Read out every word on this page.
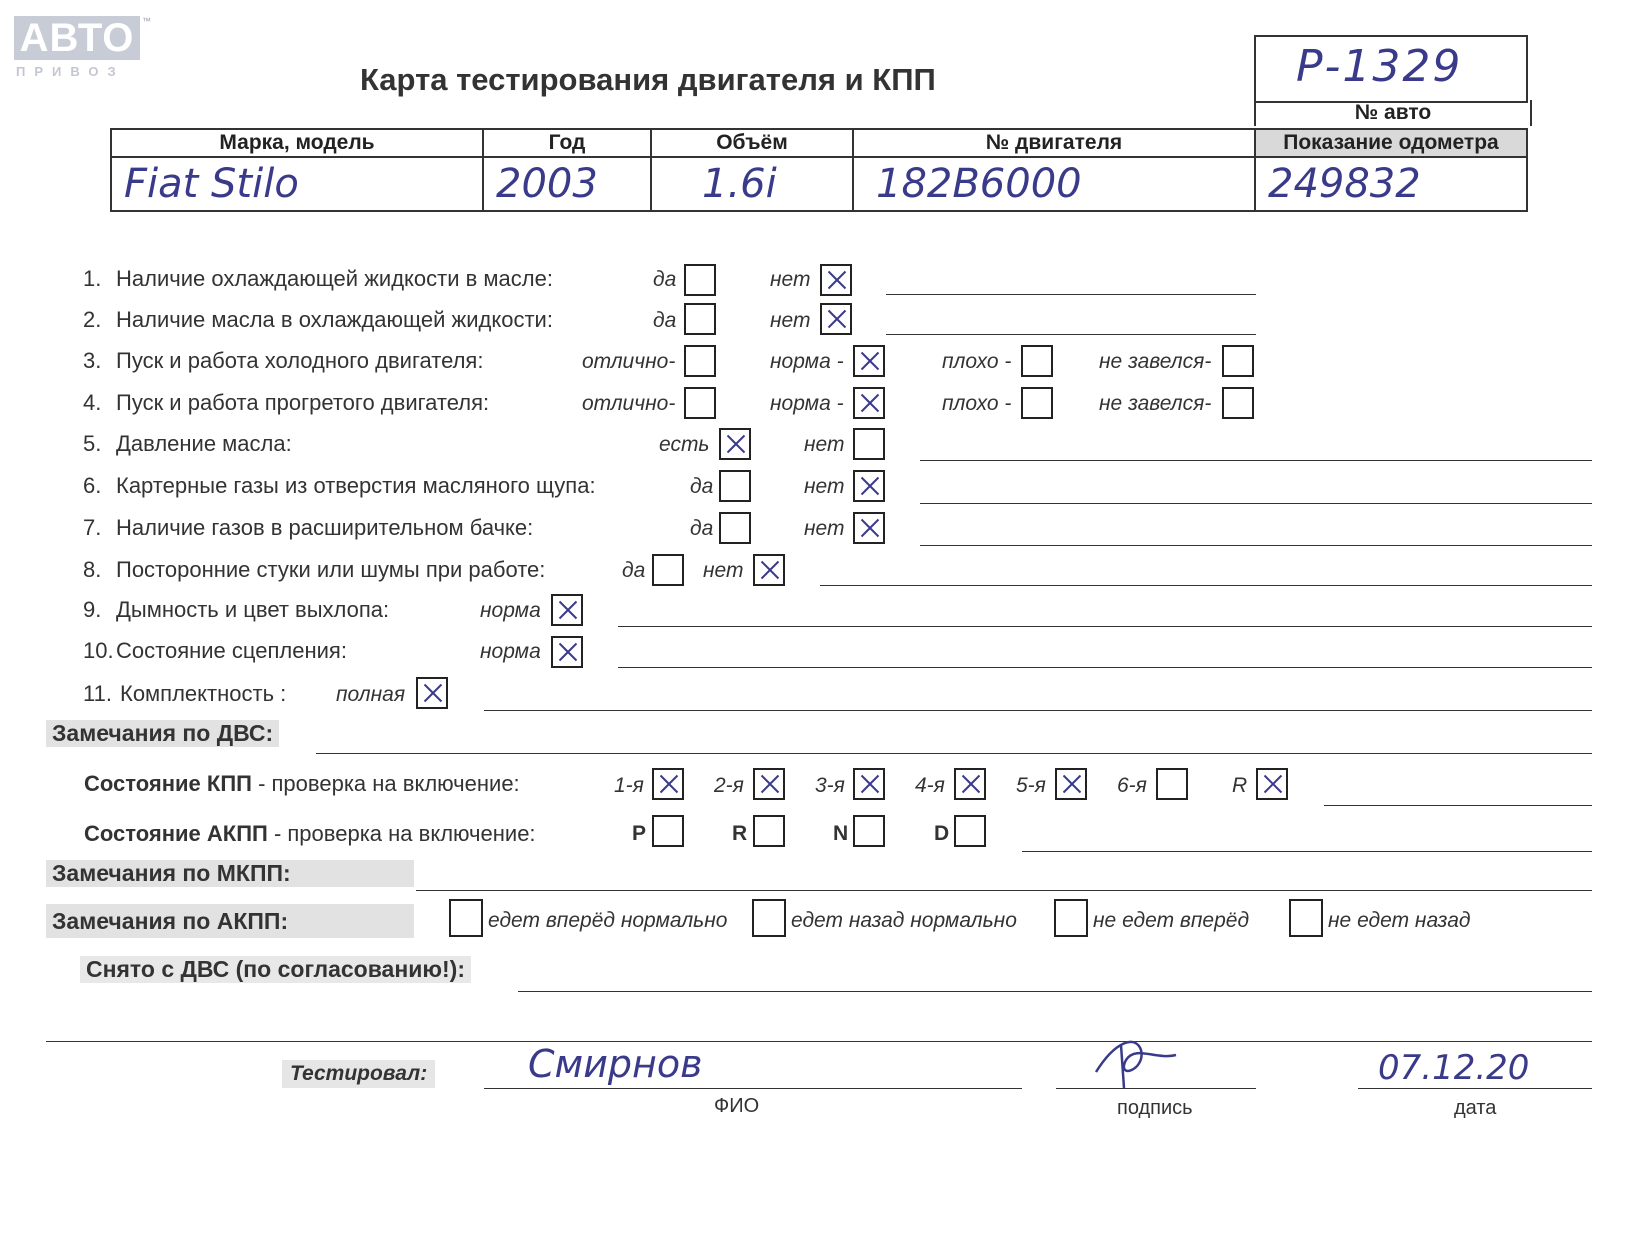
АВТО ™
ПРИВОЗ	Карта тестирования двигателя и КПП	Р-1329
№ авто
Марка, модель	Год	Объём	№ двигателя	Показание одометра
Fiat Stilo	2003	1.6i	182B6000	249832
1. Наличие охлаждающей жидкости в масле:	да	нет
2. Наличие масла в охлаждающей жидкости:	да	нет
3. Пуск и работа холодного двигателя:	отлично-	норма -	плохо -	не завелся-
4. Пуск и работа прогретого двигателя:	отлично-	норма -	плохо -	не завелся-
5. Давление масла:	есть	нет
6. Картерные газы из отверстия масляного щупа:	да	нет
7. Наличие газов в расширительном бачке:	да	нет
8. Посторонние стуки или шумы при работе:	да	нет
9. Дымность и цвет выхлопа:	норма
10. Состояние сцепления:	норма
11. Комплектность : полная
Замечания по ДВС:
Состояние КПП - проверка на включение:	1-я	2-я	3-я	4-я	5-я	6-я	R
Состояние АКПП - проверка на включение:	P	R	N	D
Замечания по МКПП:
Замечания по АКПП:	едет вперёд нормально	едет назад нормально	не едет вперёд	не едет назад
Снято с ДВС (по согласованию!):
Тестировал:	Смирнов
ФИО	подпись
07.12.20
дата
